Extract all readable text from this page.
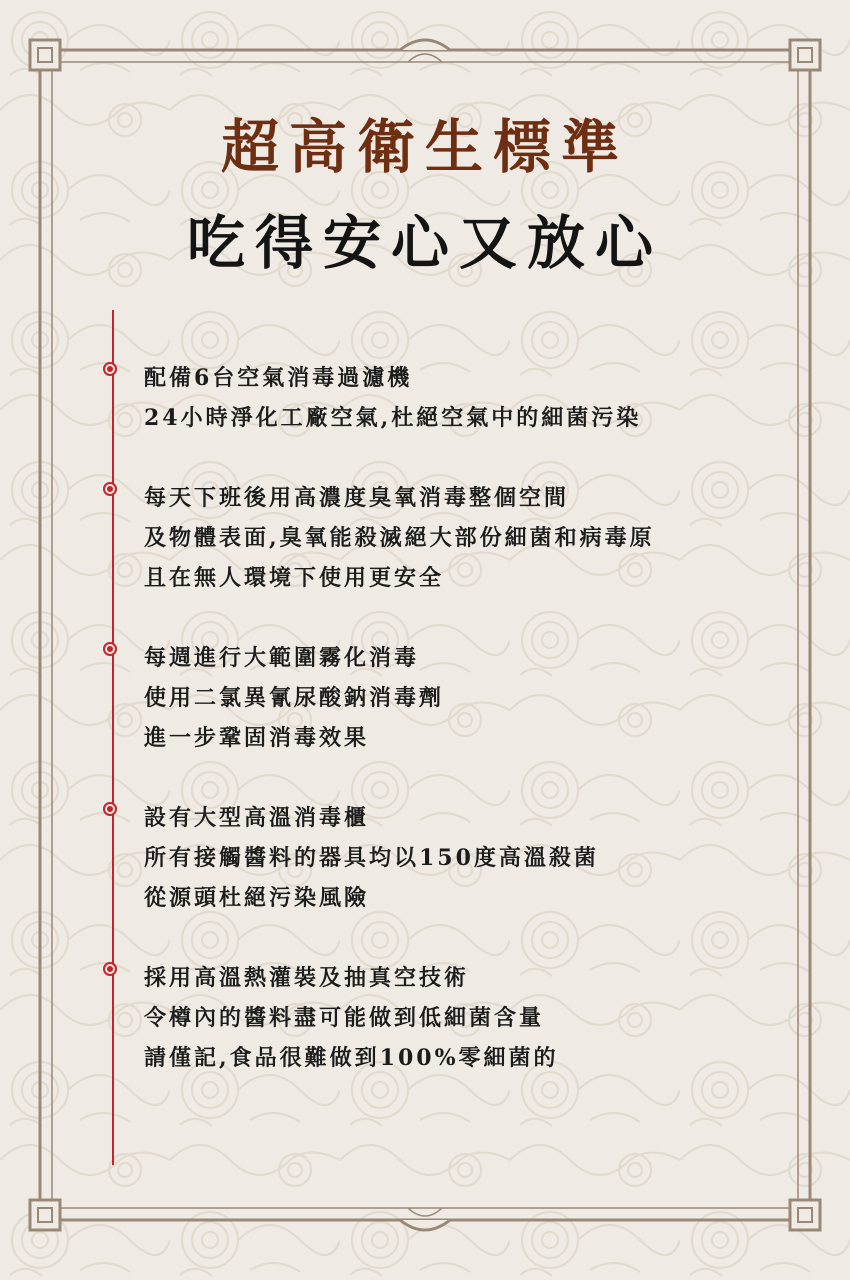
超高衛生標準
吃得安心又放心
配備6台空氣消毒過濾機
24小時淨化工廠空氣,杜絕空氣中的細菌污染
每天下班後用高濃度臭氧消毒整個空間
及物體表面,臭氧能殺滅絕大部份細菌和病毒原
且在無人環境下使用更安全
每週進行大範圍霧化消毒
使用二氯異氰尿酸鈉消毒劑
進一步鞏固消毒效果
設有大型高溫消毒櫃
所有接觸醬料的器具均以150度高溫殺菌
從源頭杜絕污染風險
採用高溫熱灌裝及抽真空技術
令樽內的醬料盡可能做到低細菌含量
請僅記,食品很難做到100%零細菌的
